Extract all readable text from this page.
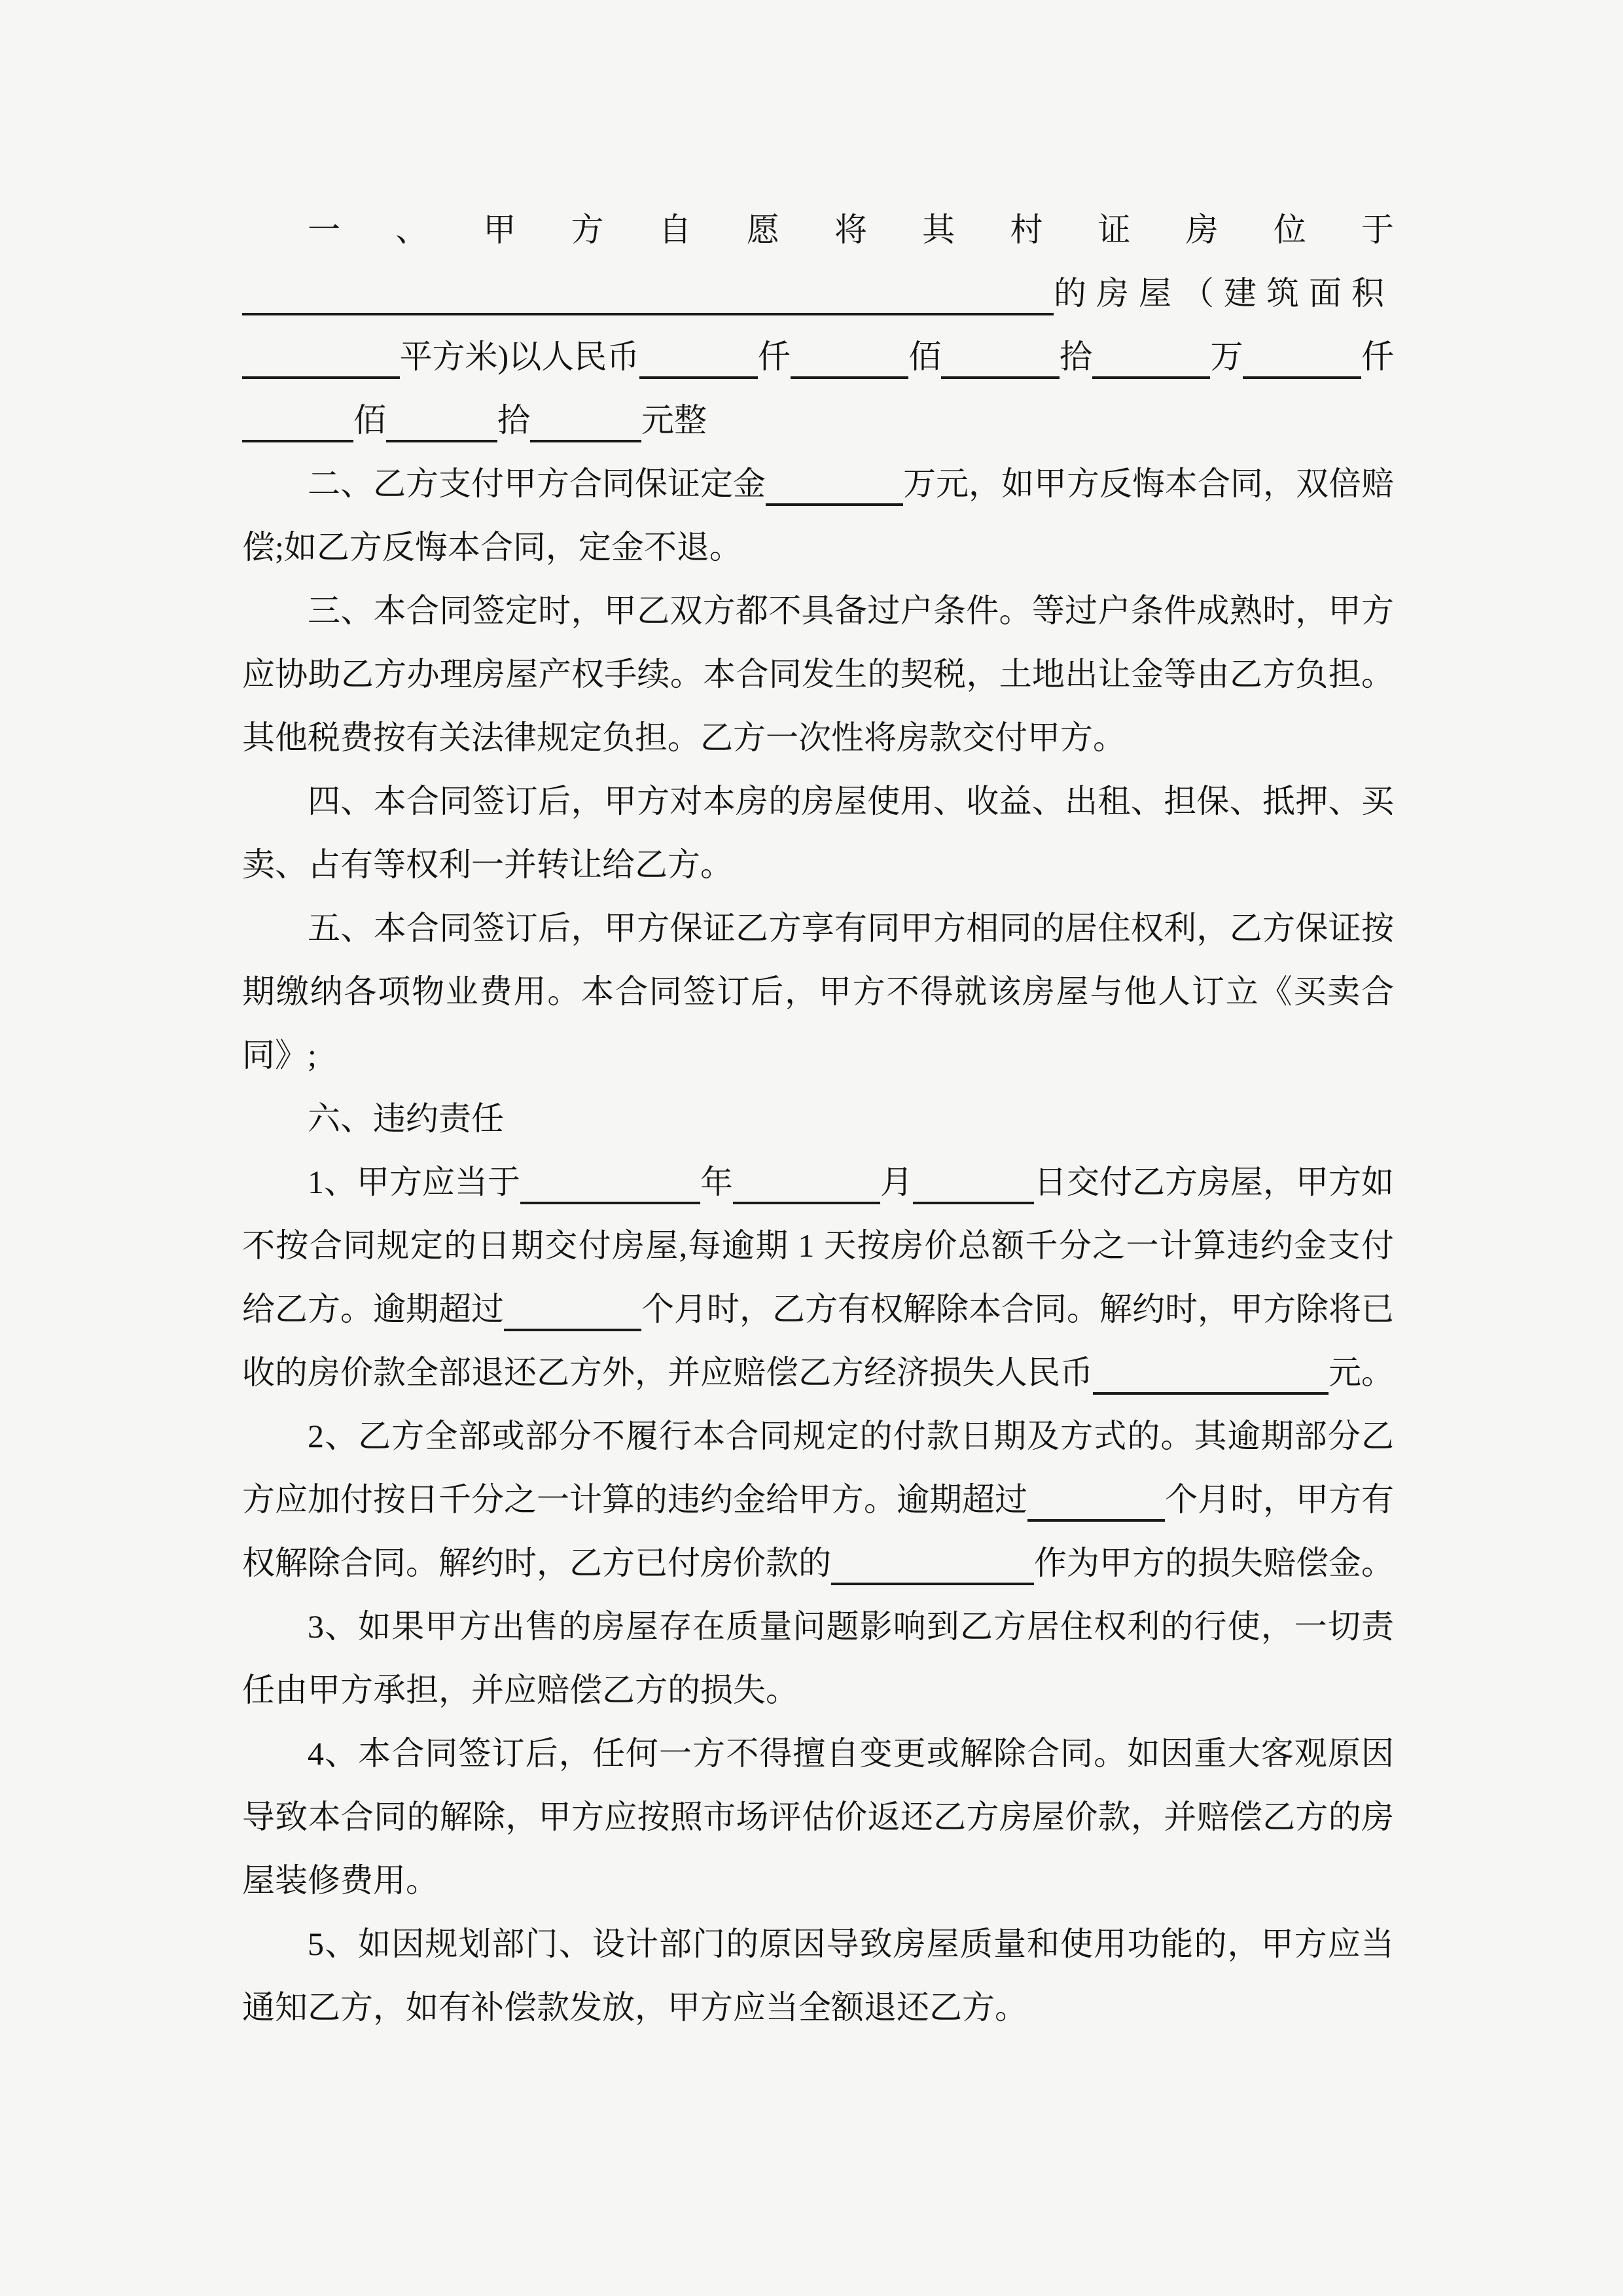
一、甲方自愿将其村证房位于
的房屋（建筑面积
平方米)以人民币	仟	佰	拾	万	仟
佰	拾	元整
二、乙方支付甲方合同保证定金	万元，如甲方反悔本合同，双倍赔
偿;如乙方反悔本合同，定金不退。
三、本合同签定时，甲乙双方都不具备过户条件。等过户条件成熟时，甲方
应协助乙方办理房屋产权手续。本合同发生的契税，土地出让金等由乙方负担。
其他税费按有关法律规定负担。乙方一次性将房款交付甲方。
四、本合同签订后，甲方对本房的房屋使用、收益、出租、担保、抵押、买
卖、占有等权利一并转让给乙方。
五、本合同签订后，甲方保证乙方享有同甲方相同的居住权利，乙方保证按
期缴纳各项物业费用。本合同签订后，甲方不得就该房屋与他人订立《买卖合
同》;
六、违约责任
1、甲方应当于	年	月	日交付乙方房屋，甲方如
不按合同规定的日期交付房屋,每逾期 1 天按房价总额千分之一计算违约金支付
给乙方。逾期超过	个月时，乙方有权解除本合同。解约时，甲方除将已
收的房价款全部退还乙方外，并应赔偿乙方经济损失人民币	元。
2、乙方全部或部分不履行本合同规定的付款日期及方式的。其逾期部分乙
方应加付按日千分之一计算的违约金给甲方。逾期超过	个月时，甲方有
权解除合同。解约时，乙方已付房价款的	作为甲方的损失赔偿金。
3、如果甲方出售的房屋存在质量问题影响到乙方居住权利的行使，一切责
任由甲方承担，并应赔偿乙方的损失。
4、本合同签订后，任何一方不得擅自变更或解除合同。如因重大客观原因
导致本合同的解除，甲方应按照市场评估价返还乙方房屋价款，并赔偿乙方的房
屋装修费用。
5、如因规划部门、设计部门的原因导致房屋质量和使用功能的，甲方应当
通知乙方，如有补偿款发放，甲方应当全额退还乙方。
